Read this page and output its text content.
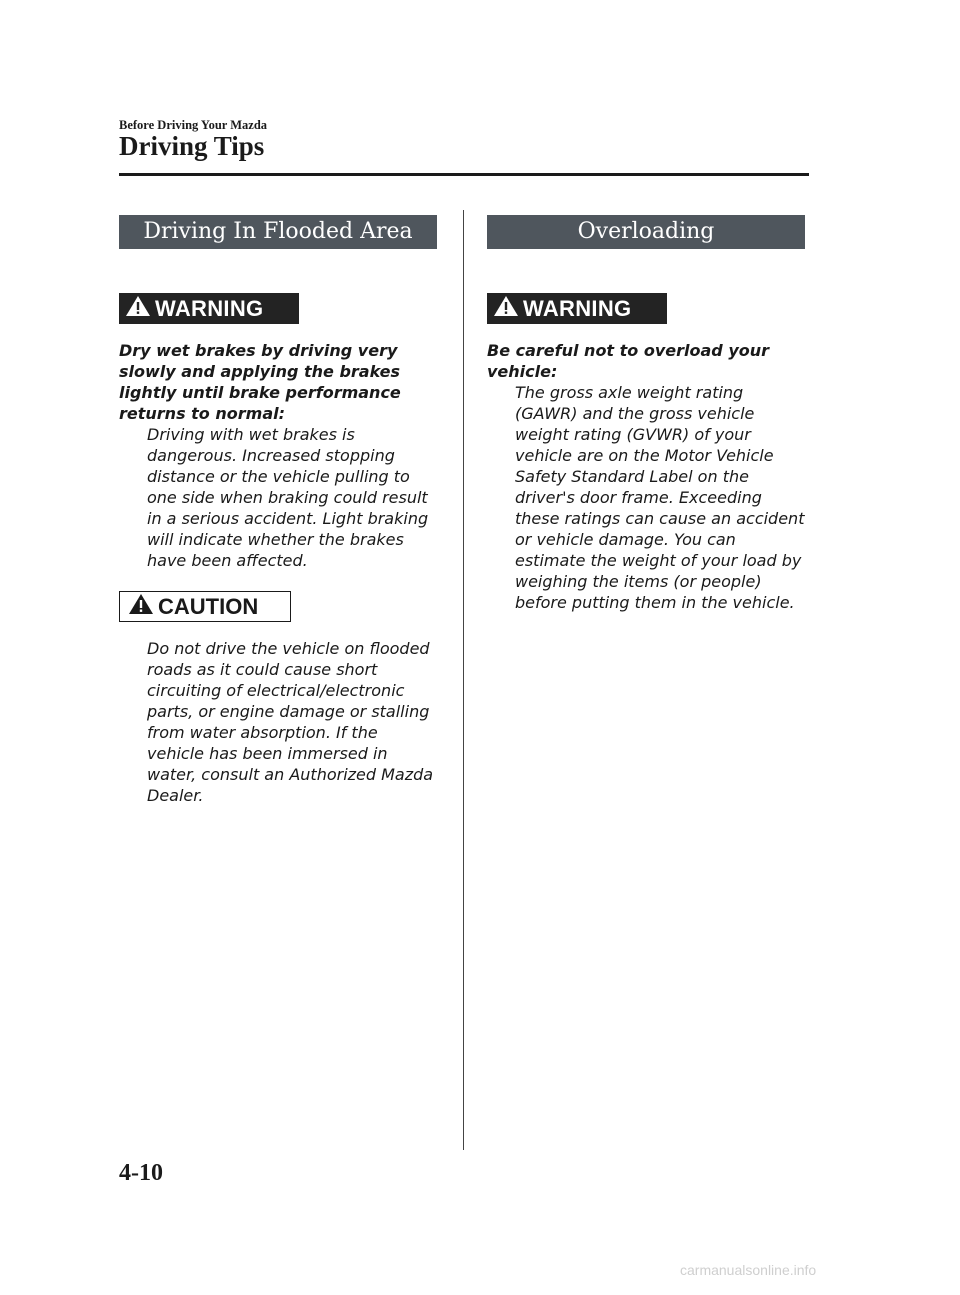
Before Driving Your Mazda
Driving Tips
Driving In Flooded Area
WARNING
Dry wet brakes by driving very slowly and applying the brakes lightly until brake performance returns to normal:
Driving with wet brakes is dangerous. Increased stopping distance or the vehicle pulling to one side when braking could result in a serious accident. Light braking will indicate whether the brakes have been affected.
CAUTION
Do not drive the vehicle on flooded roads as it could cause short circuiting of electrical/electronic parts, or engine damage or stalling from water absorption. If the vehicle has been immersed in water, consult an Authorized Mazda Dealer.
Overloading
WARNING
Be careful not to overload your vehicle:
The gross axle weight rating (GAWR) and the gross vehicle weight rating (GVWR) of your vehicle are on the Motor Vehicle Safety Standard Label on the driver's door frame. Exceeding these ratings can cause an accident or vehicle damage. You can estimate the weight of your load by weighing the items (or people) before putting them in the vehicle.
4-10
carmanualsonline.info
